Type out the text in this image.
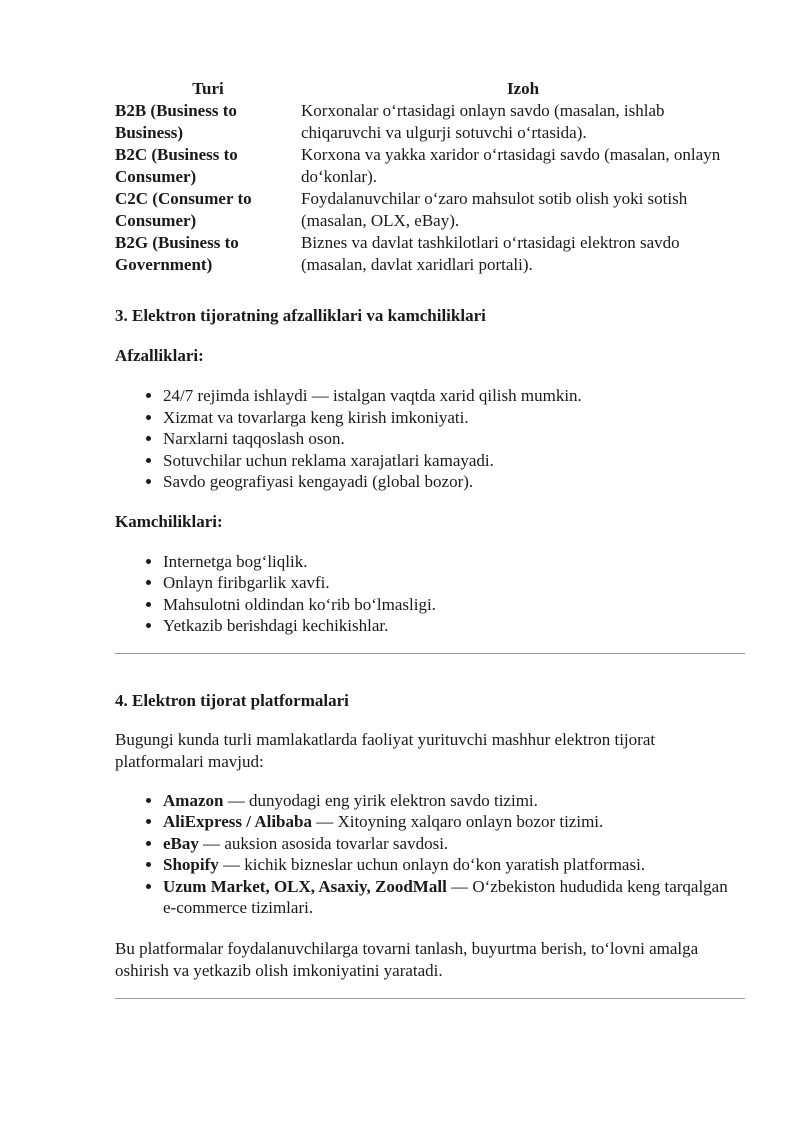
Turi	Izoh
B2B (Business to Business)	Korxonalar o‘rtasidagi onlayn savdo (masalan, ishlab chiqaruvchi va ulgurji sotuvchi o‘rtasida).
B2C (Business to Consumer)	Korxona va yakka xaridor o‘rtasidagi savdo (masalan, onlayn do‘konlar).
C2C (Consumer to Consumer)	Foydalanuvchilar o‘zaro mahsulot sotib olish yoki sotish (masalan, OLX, eBay).
B2G (Business to Government)	Biznes va davlat tashkilotlari o‘rtasidagi elektron savdo (masalan, davlat xaridlari portali).
3. Elektron tijoratning afzalliklari va kamchiliklari
Afzalliklari:
• 24/7 rejimda ishlaydi — istalgan vaqtda xarid qilish mumkin.
• Xizmat va tovarlarga keng kirish imkoniyati.
• Narxlarni taqqoslash oson.
• Sotuvchilar uchun reklama xarajatlari kamayadi.
• Savdo geografiyasi kengayadi (global bozor).
Kamchiliklari:
• Internetga bog‘liqlik.
• Onlayn firibgarlik xavfi.
• Mahsulotni oldindan ko‘rib bo‘lmasligi.
• Yetkazib berishdagi kechikishlar.
4. Elektron tijorat platformalari

Bugungi kunda turli mamlakatlarda faoliyat yurituvchi mashhur elektron tijorat platformalari mavjud:

• Amazon — dunyodagi eng yirik elektron savdo tizimi.
• AliExpress / Alibaba — Xitoyning xalqaro onlayn bozor tizimi.
• eBay — auksion asosida tovarlar savdosi.
• Shopify — kichik bizneslar uchun onlayn do‘kon yaratish platformasi.
• Uzum Market, OLX, Asaxiy, ZoodMall — O‘zbekiston hududida keng tarqalgan e-commerce tizimlari.

Bu platformalar foydalanuvchilarga tovarni tanlash, buyurtma berish, to‘lovni amalga oshirish va yetkazib olish imkoniyatini yaratadi.
